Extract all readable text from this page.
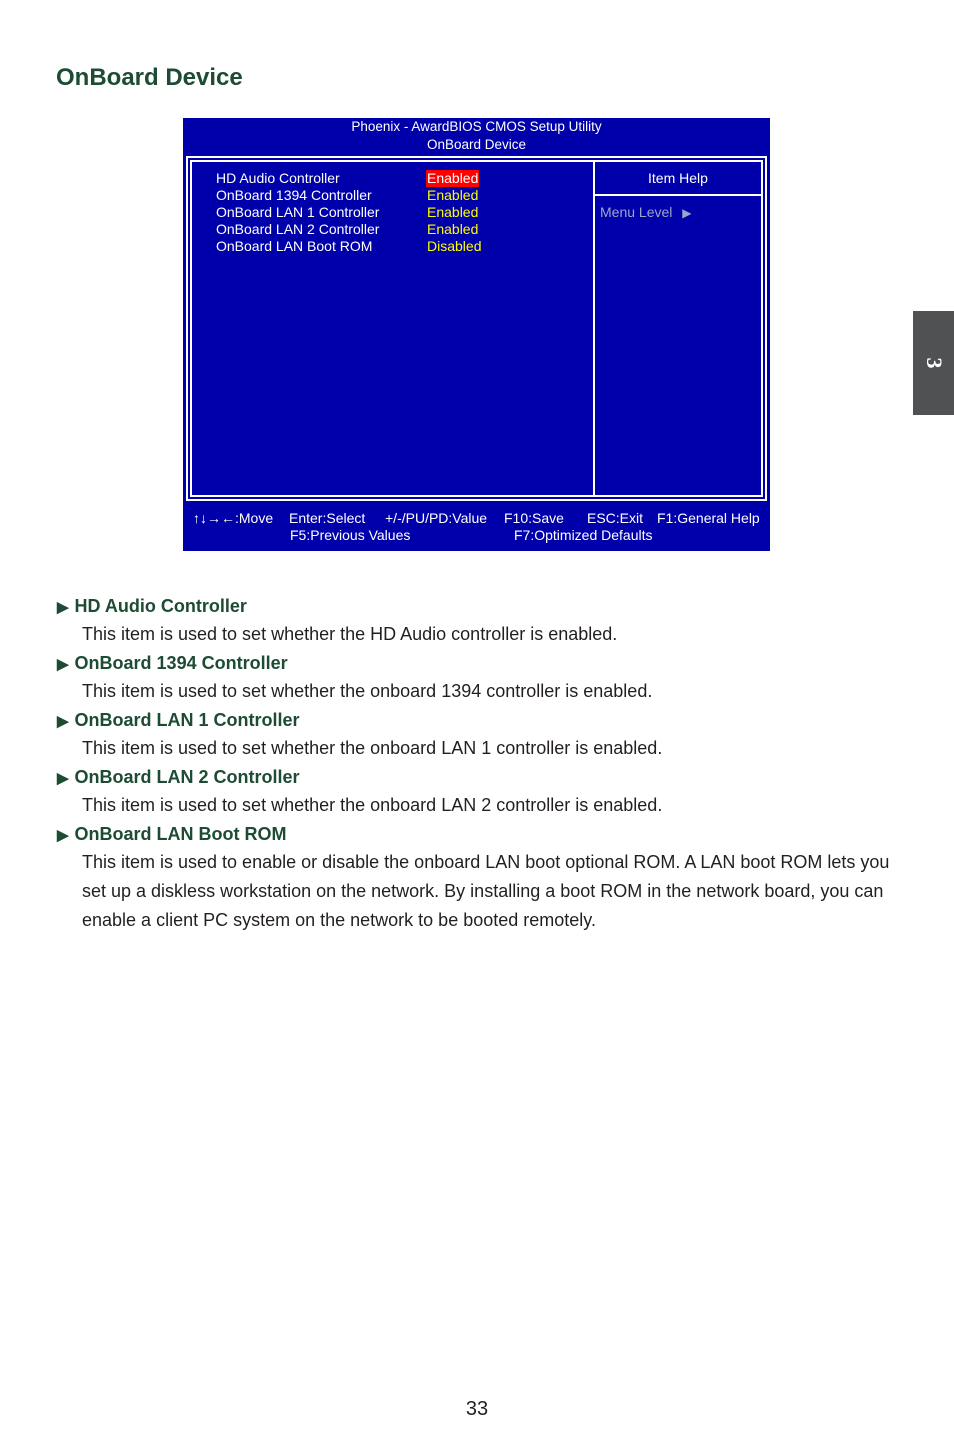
OnBoard Device
3
Phoenix - AwardBIOS CMOS Setup Utility
OnBoard Device
HD Audio Controller	Enabled
OnBoard 1394 Controller	Enabled
OnBoard LAN 1 Controller	Enabled
OnBoard LAN 2 Controller	Enabled
OnBoard LAN Boot ROM	Disabled
Item Help
Menu Level ▶
↑↓→←:Move Enter:Select +/-/PU/PD:Value F10:Save ESC:Exit F1:General Help
F5:Previous Values	F7:Optimized Defaults
▶ HD Audio Controller

This item is used to set whether the HD Audio controller is enabled.

▶ OnBoard 1394 Controller

This item is used to set whether the onboard 1394 controller is enabled.

▶ OnBoard LAN 1 Controller

This item is used to set whether the onboard LAN 1 controller is enabled.

▶ OnBoard LAN 2 Controller

This item is used to set whether the onboard LAN 2 controller is enabled.

▶ OnBoard LAN Boot ROM

This item is used to enable or disable the onboard LAN boot optional ROM. A LAN boot ROM lets you set up a diskless workstation on the network. By installing a boot ROM in the network board, you can enable a client PC system on the network to be booted remotely.

33
